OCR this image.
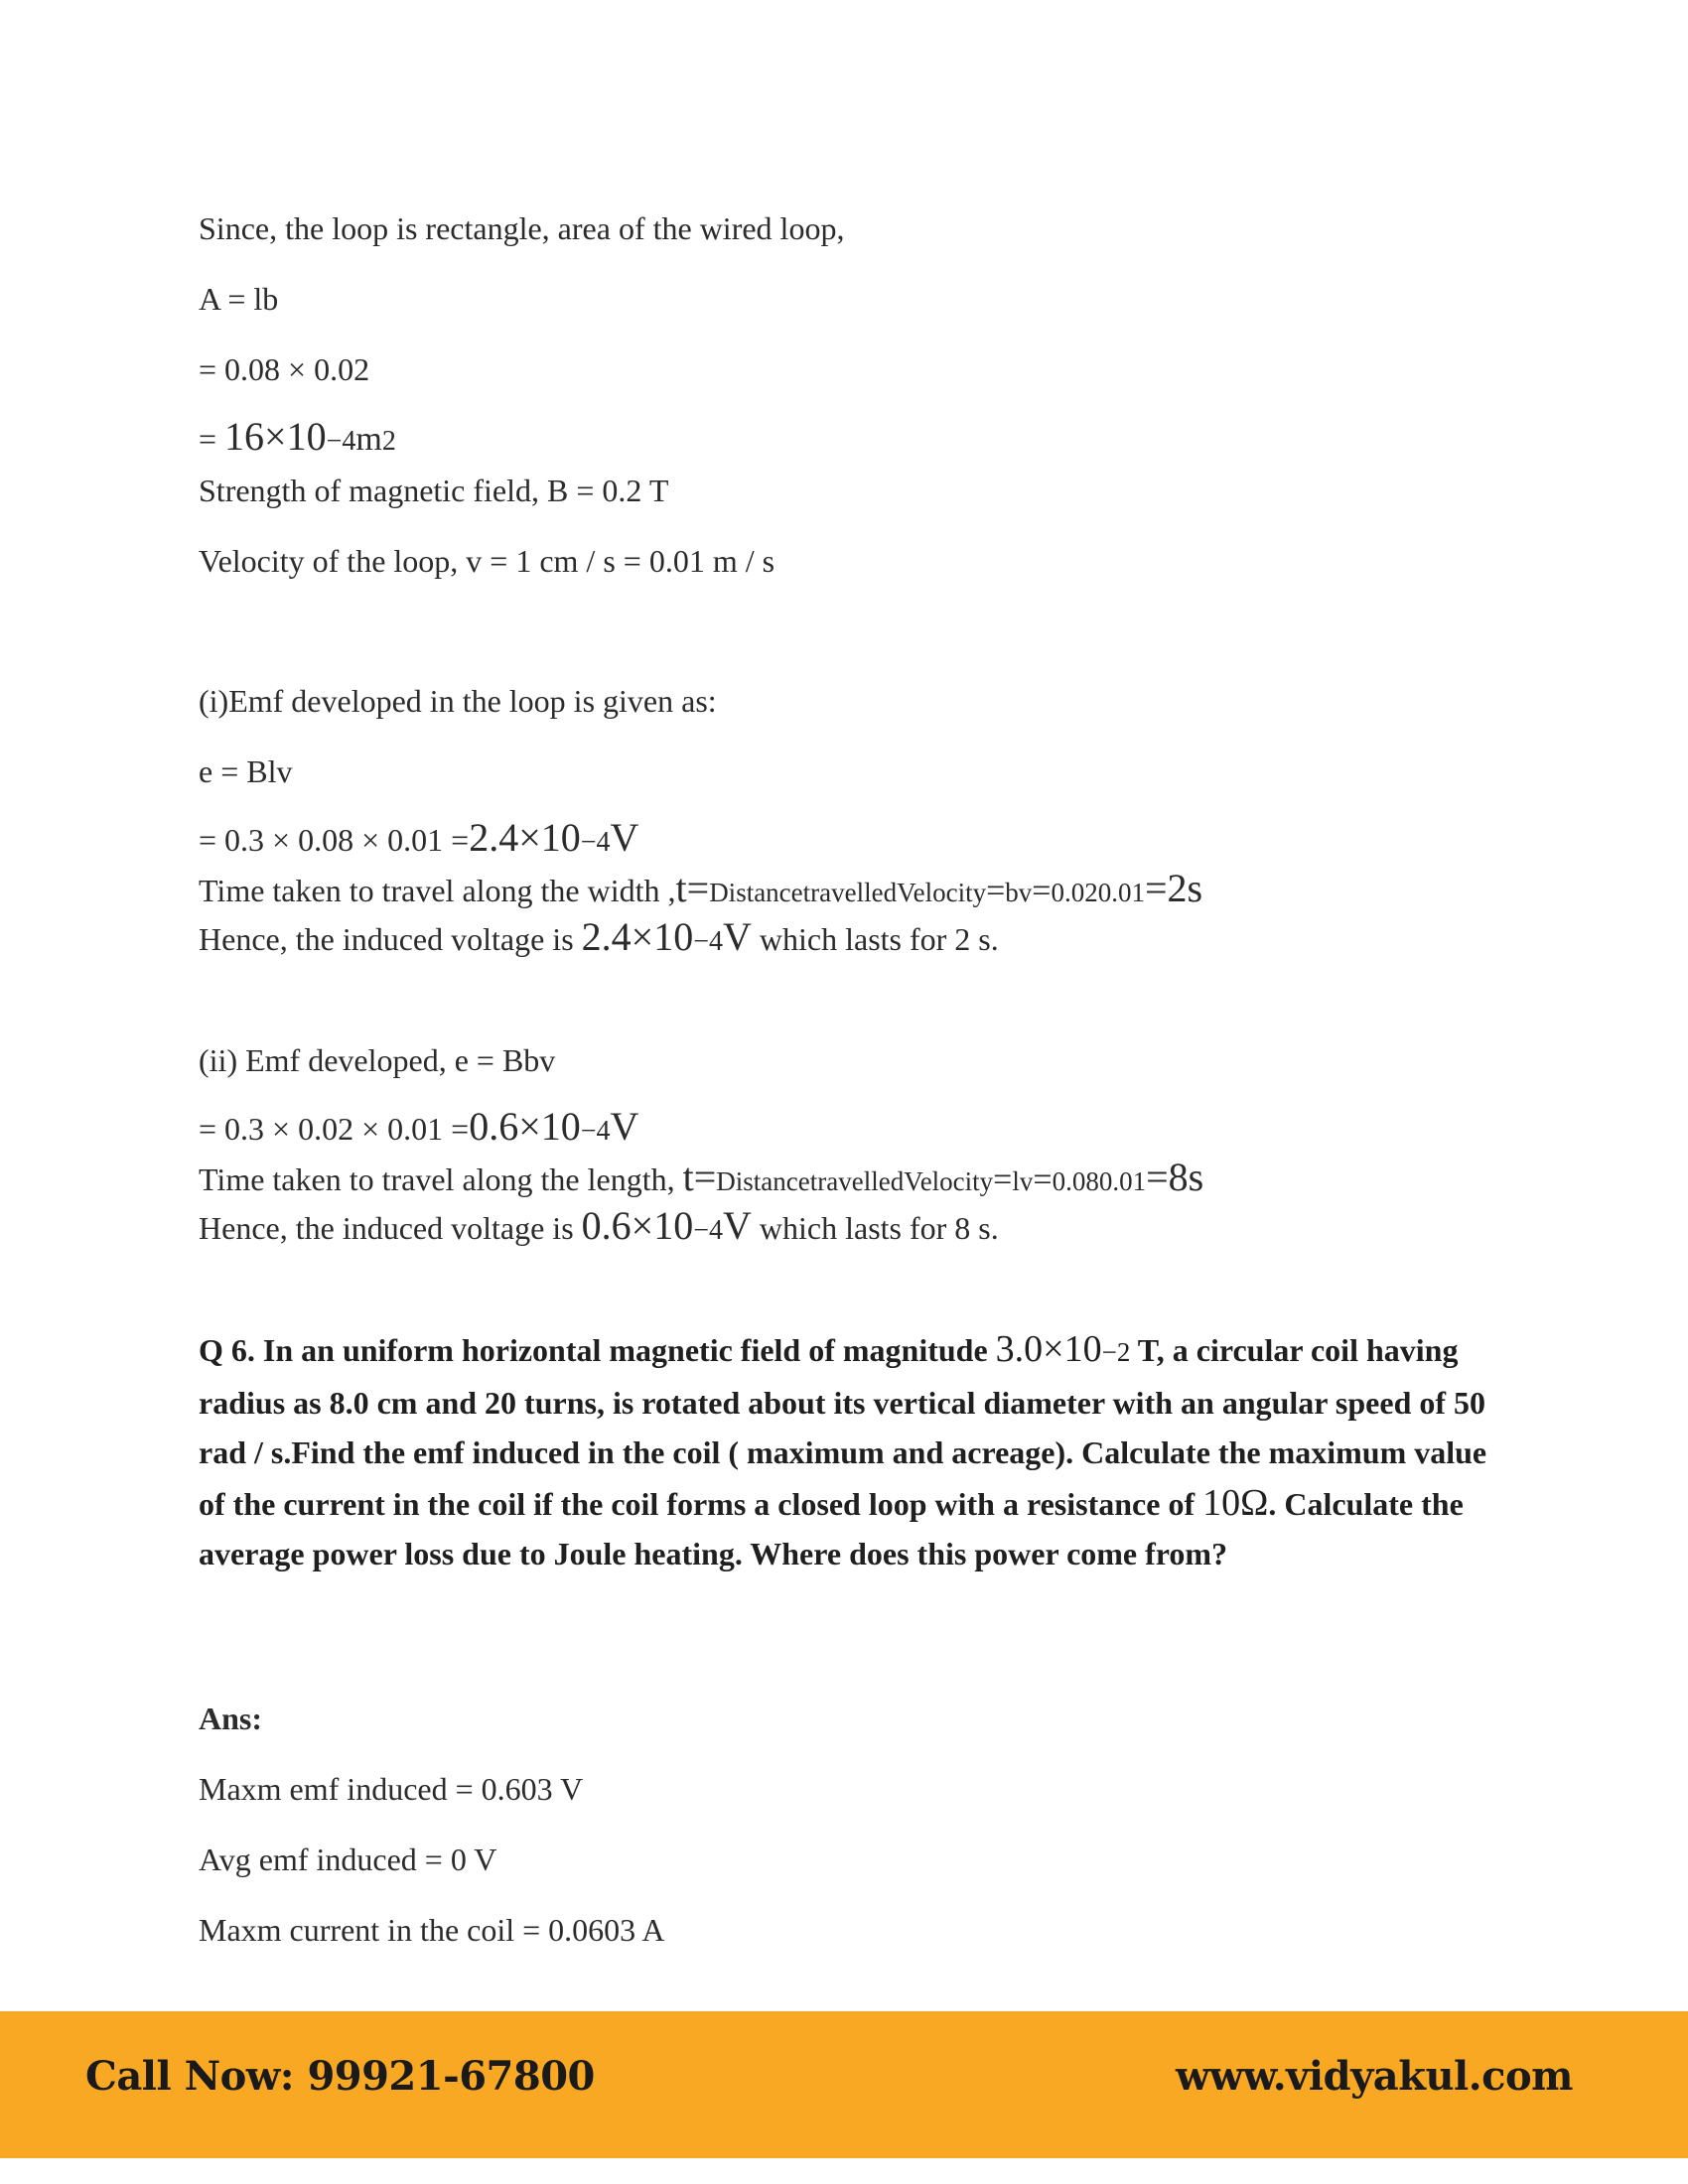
Since, the loop is rectangle, area of the wired loop,
A = lb
= 0.08 × 0.02
= 16×10−4m2
Strength of magnetic field, B = 0.2 T
Velocity of the loop, v = 1 cm / s = 0.01 m / s
(i)Emf developed in the loop is given as:
e = Blv
= 0.3 × 0.08 × 0.01 =2.4×10−4V
Time taken to travel along the width ,t=DistancetravelledVelocity=bv=0.020.01=2s
Hence, the induced voltage is 2.4×10−4V which lasts for 2 s.
(ii) Emf developed, e = Bbv
= 0.3 × 0.02 × 0.01 =0.6×10−4V
Time taken to travel along the length, t=DistancetravelledVelocity=lv=0.080.01=8s
Hence, the induced voltage is 0.6×10−4V which lasts for 8 s.
Q 6. In an uniform horizontal magnetic field of magnitude 3.0×10−2 T, a circular coil having radius as 8.0 cm and 20 turns, is rotated about its vertical diameter with an angular speed of 50 rad / s.Find the emf induced in the coil ( maximum and acreage). Calculate the maximum value of the current in the coil if the coil forms a closed loop with a resistance of 10Ω. Calculate the average power loss due to Joule heating. Where does this power come from?
Ans:
Maxm emf induced = 0.603 V
Avg emf induced = 0 V
Maxm current in the coil = 0.0603 A
Call Now: 99921-67800	www.vidyakul.com
